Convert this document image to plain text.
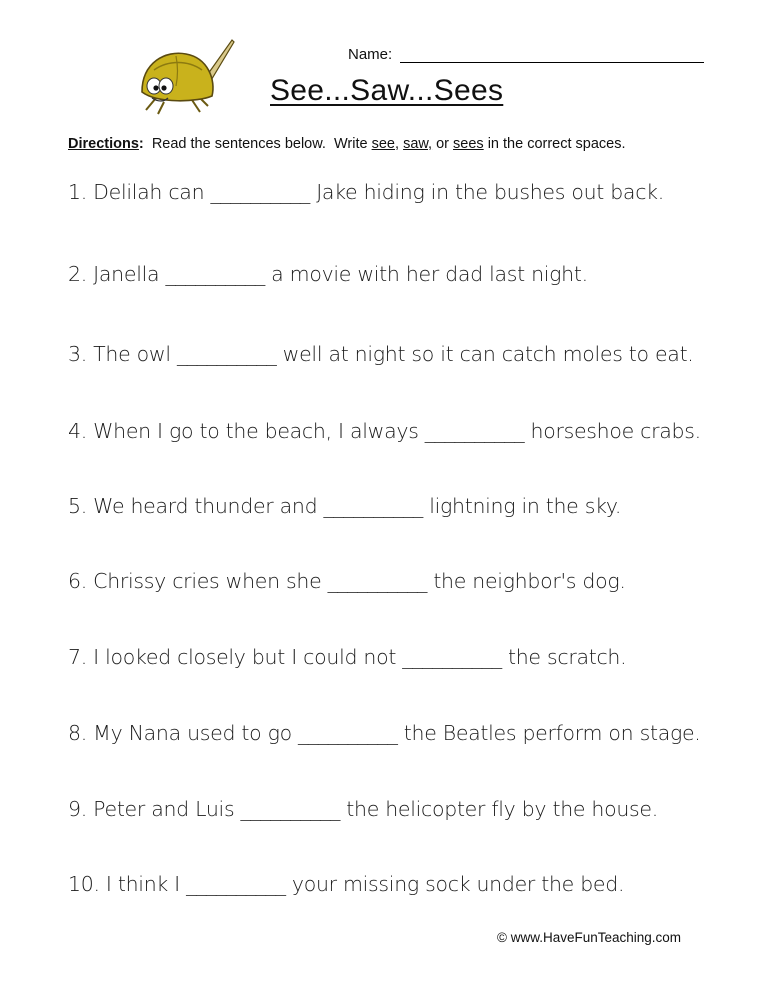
Name:
See...Saw...Sees
Directions:  Read the sentences below.  Write see, saw, or sees in the correct spaces.
1. Delilah can __________ Jake hiding in the bushes out back.
2. Janella __________ a movie with her dad last night.
3. The owl __________ well at night so it can catch moles to eat.
4. When I go to the beach, I always __________ horseshoe crabs.
5. We heard thunder and __________ lightning in the sky.
6. Chrissy cries when she __________ the neighbor's dog.
7. I looked closely but I could not __________ the scratch.
8. My Nana used to go __________ the Beatles perform on stage.
9. Peter and Luis __________ the helicopter fly by the house.
10. I think I __________ your missing sock under the bed.
© www.HaveFunTeaching.com
